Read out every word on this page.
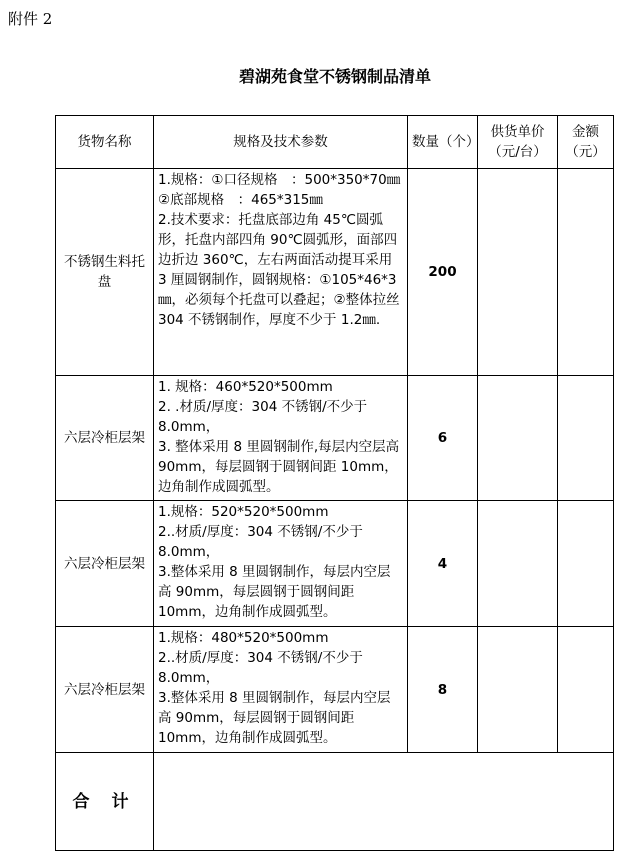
附件 2
碧湖苑食堂不锈钢制品清单
货物名称	规格及技术参数	数量（个）	供货单价（元/台）	金额（元）
不锈钢生料托盘	1.规格：①口径规格　：500*350*70㎜②底部规格　：465*315㎜
2.技术要求：托盘底部边角 45℃圆弧形，托盘内部四角 90℃圆弧形，面部四边折边 360℃，左右两面活动提耳采用 3 厘圆钢制作，圆钢规格：①105*46*3㎜，必须每个托盘可以叠起；②整体拉丝 304 不锈钢制作，厚度不少于 1.2㎜.	200		
六层冷柜层架	1. 规格：460*520*500mm
2. .材质/厚度：304 不锈钢/不少于 8.0mm，
3. 整体采用 8 里圆钢制作,每层内空层高 90mm，每层圆钢于圆钢间距 10mm，边角制作成圆弧型。	6		
六层冷柜层架	1.规格：520*520*500mm
2..材质/厚度：304 不锈钢/不少于 8.0mm，
3.整体采用 8 里圆钢制作，每层内空层高 90mm，每层圆钢于圆钢间距 10mm，边角制作成圆弧型。	4		
六层冷柜层架	1.规格：480*520*500mm
2..材质/厚度：304 不锈钢/不少于 8.0mm，
3.整体采用 8 里圆钢制作，每层内空层高 90mm，每层圆钢于圆钢间距 10mm，边角制作成圆弧型。	8		
合 计				
